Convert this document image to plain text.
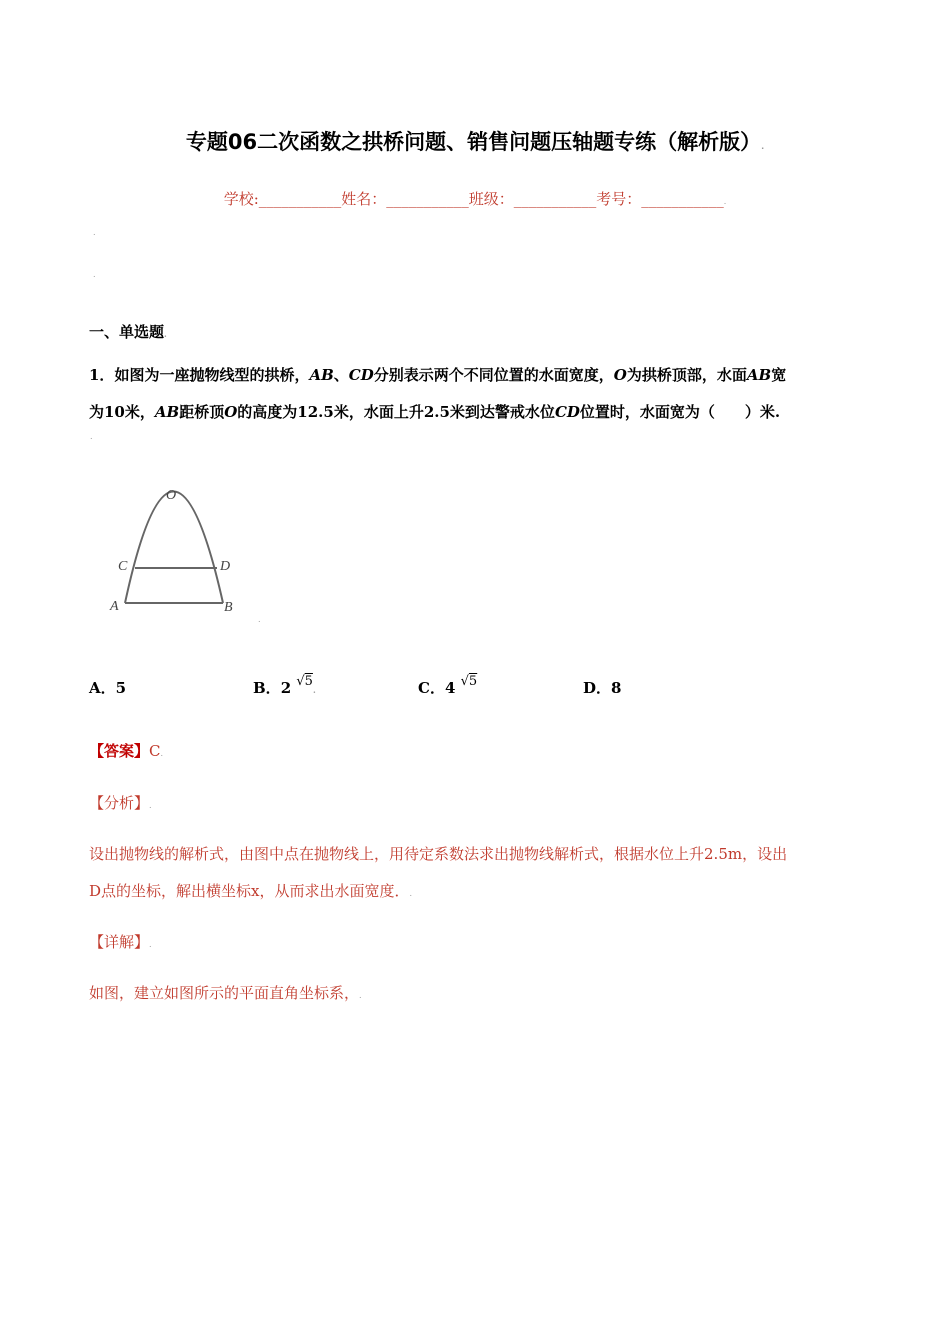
专题06二次函数之拱桥问题、销售问题压轴题专练（解析版）.
学校:___________姓名：___________班级：___________考号：___________.
.
.
一、单选题.
1．如图为一座抛物线型的拱桥，AB、CD分别表示两个不同位置的水面宽度，O为拱桥顶部，水面AB宽
为10米，AB距桥顶O的高度为12.5米，水面上升2.5米到达警戒水位CD位置时，水面宽为（　　）米.
.
O
C	D
A	B
.
A．5	B．2 √5.	C．4 √5	D．8
【答案】C.
【分析】.
设出抛物线的解析式，由图中点在抛物线上，用待定系数法求出抛物线解析式，根据水位上升2.5m，设出
D点的坐标，解出横坐标x，从而求出水面宽度．.
【详解】.
如图，建立如图所示的平面直角坐标系，.
